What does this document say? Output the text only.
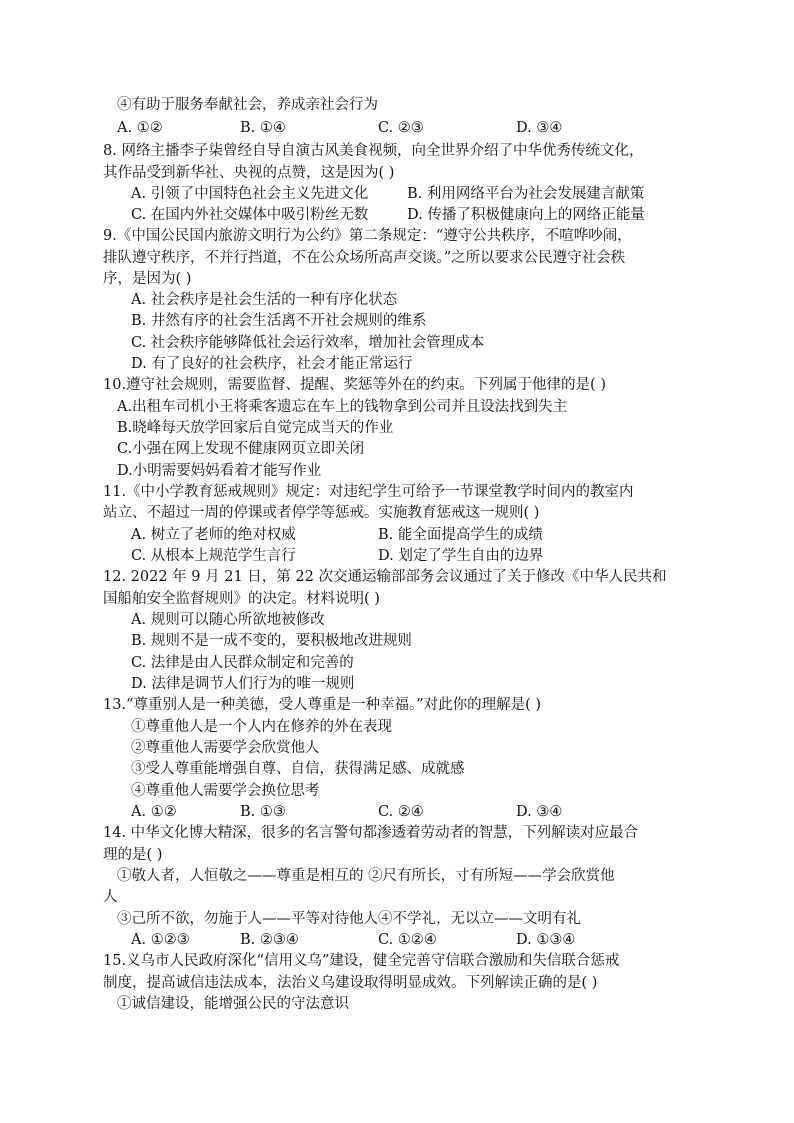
④有助于服务奉献社会，养成亲社会行为
A. ①②	B. ①④	C. ②③	D. ③④
8. 网络主播李子柒曾经自导自演古风美食视频，向全世界介绍了中华优秀传统文化，
其作品受到新华社、央视的点赞，这是因为( )
A. 引领了中国特色社会主义先进文化	B. 利用网络平台为社会发展建言献策
C. 在国内外社交媒体中吸引粉丝无数	D. 传播了积极健康向上的网络正能量
9.《中国公民国内旅游文明行为公约》第二条规定：“遵守公共秩序，不喧哗吵闹，
排队遵守秩序，不并行挡道，不在公众场所高声交谈。”之所以要求公民遵守社会秩
序，是因为( )
A. 社会秩序是社会生活的一种有序化状态
B. 井然有序的社会生活离不开社会规则的维系
C. 社会秩序能够降低社会运行效率，增加社会管理成本
D. 有了良好的社会秩序，社会才能正常运行
10.遵守社会规则，需要监督、提醒、奖惩等外在的约束。下列属于他律的是( )
A.出租车司机小王将乘客遗忘在车上的钱物拿到公司并且设法找到失主
B.晓峰每天放学回家后自觉完成当天的作业
C.小强在网上发现不健康网页立即关闭
D.小明需要妈妈看着才能写作业
11.《中小学教育惩戒规则》规定：对违纪学生可给予一节课堂教学时间内的教室内
站立、不超过一周的停课或者停学等惩戒。实施教育惩戒这一规则( )
A. 树立了老师的绝对权威	B. 能全面提高学生的成绩
C. 从根本上规范学生言行	D. 划定了学生自由的边界
12. 2022 年 9 月 21 日，第 22 次交通运输部部务会议通过了关于修改《中华人民共和
国船舶安全监督规则》的决定。材料说明( )
A. 规则可以随心所欲地被修改
B. 规则不是一成不变的，要积极地改进规则
C. 法律是由人民群众制定和完善的
D. 法律是调节人们行为的唯一规则
13.“尊重别人是一种美德，受人尊重是一种幸福。”对此你的理解是( )
①尊重他人是一个人内在修养的外在表现
②尊重他人需要学会欣赏他人
③受人尊重能增强自尊、自信，获得满足感、成就感
④尊重他人需要学会换位思考
A. ①②	B. ①③	C. ②④	D. ③④
14. 中华文化博大精深，很多的名言警句都渗透着劳动者的智慧，下列解读对应最合
理的是( )
①敬人者，人恒敬之——尊重是相互的 ②尺有所长，寸有所短——学会欣赏他
人
③己所不欲，勿施于人——平等对待他人④不学礼，无以立——文明有礼
A. ①②③	B. ②③④	C. ①②④	D. ①③④
15.义乌市人民政府深化“信用义乌”建设，健全完善守信联合激励和失信联合惩戒
制度，提高诚信违法成本，法治义乌建设取得明显成效。下列解读正确的是( )
①诚信建设，能增强公民的守法意识
